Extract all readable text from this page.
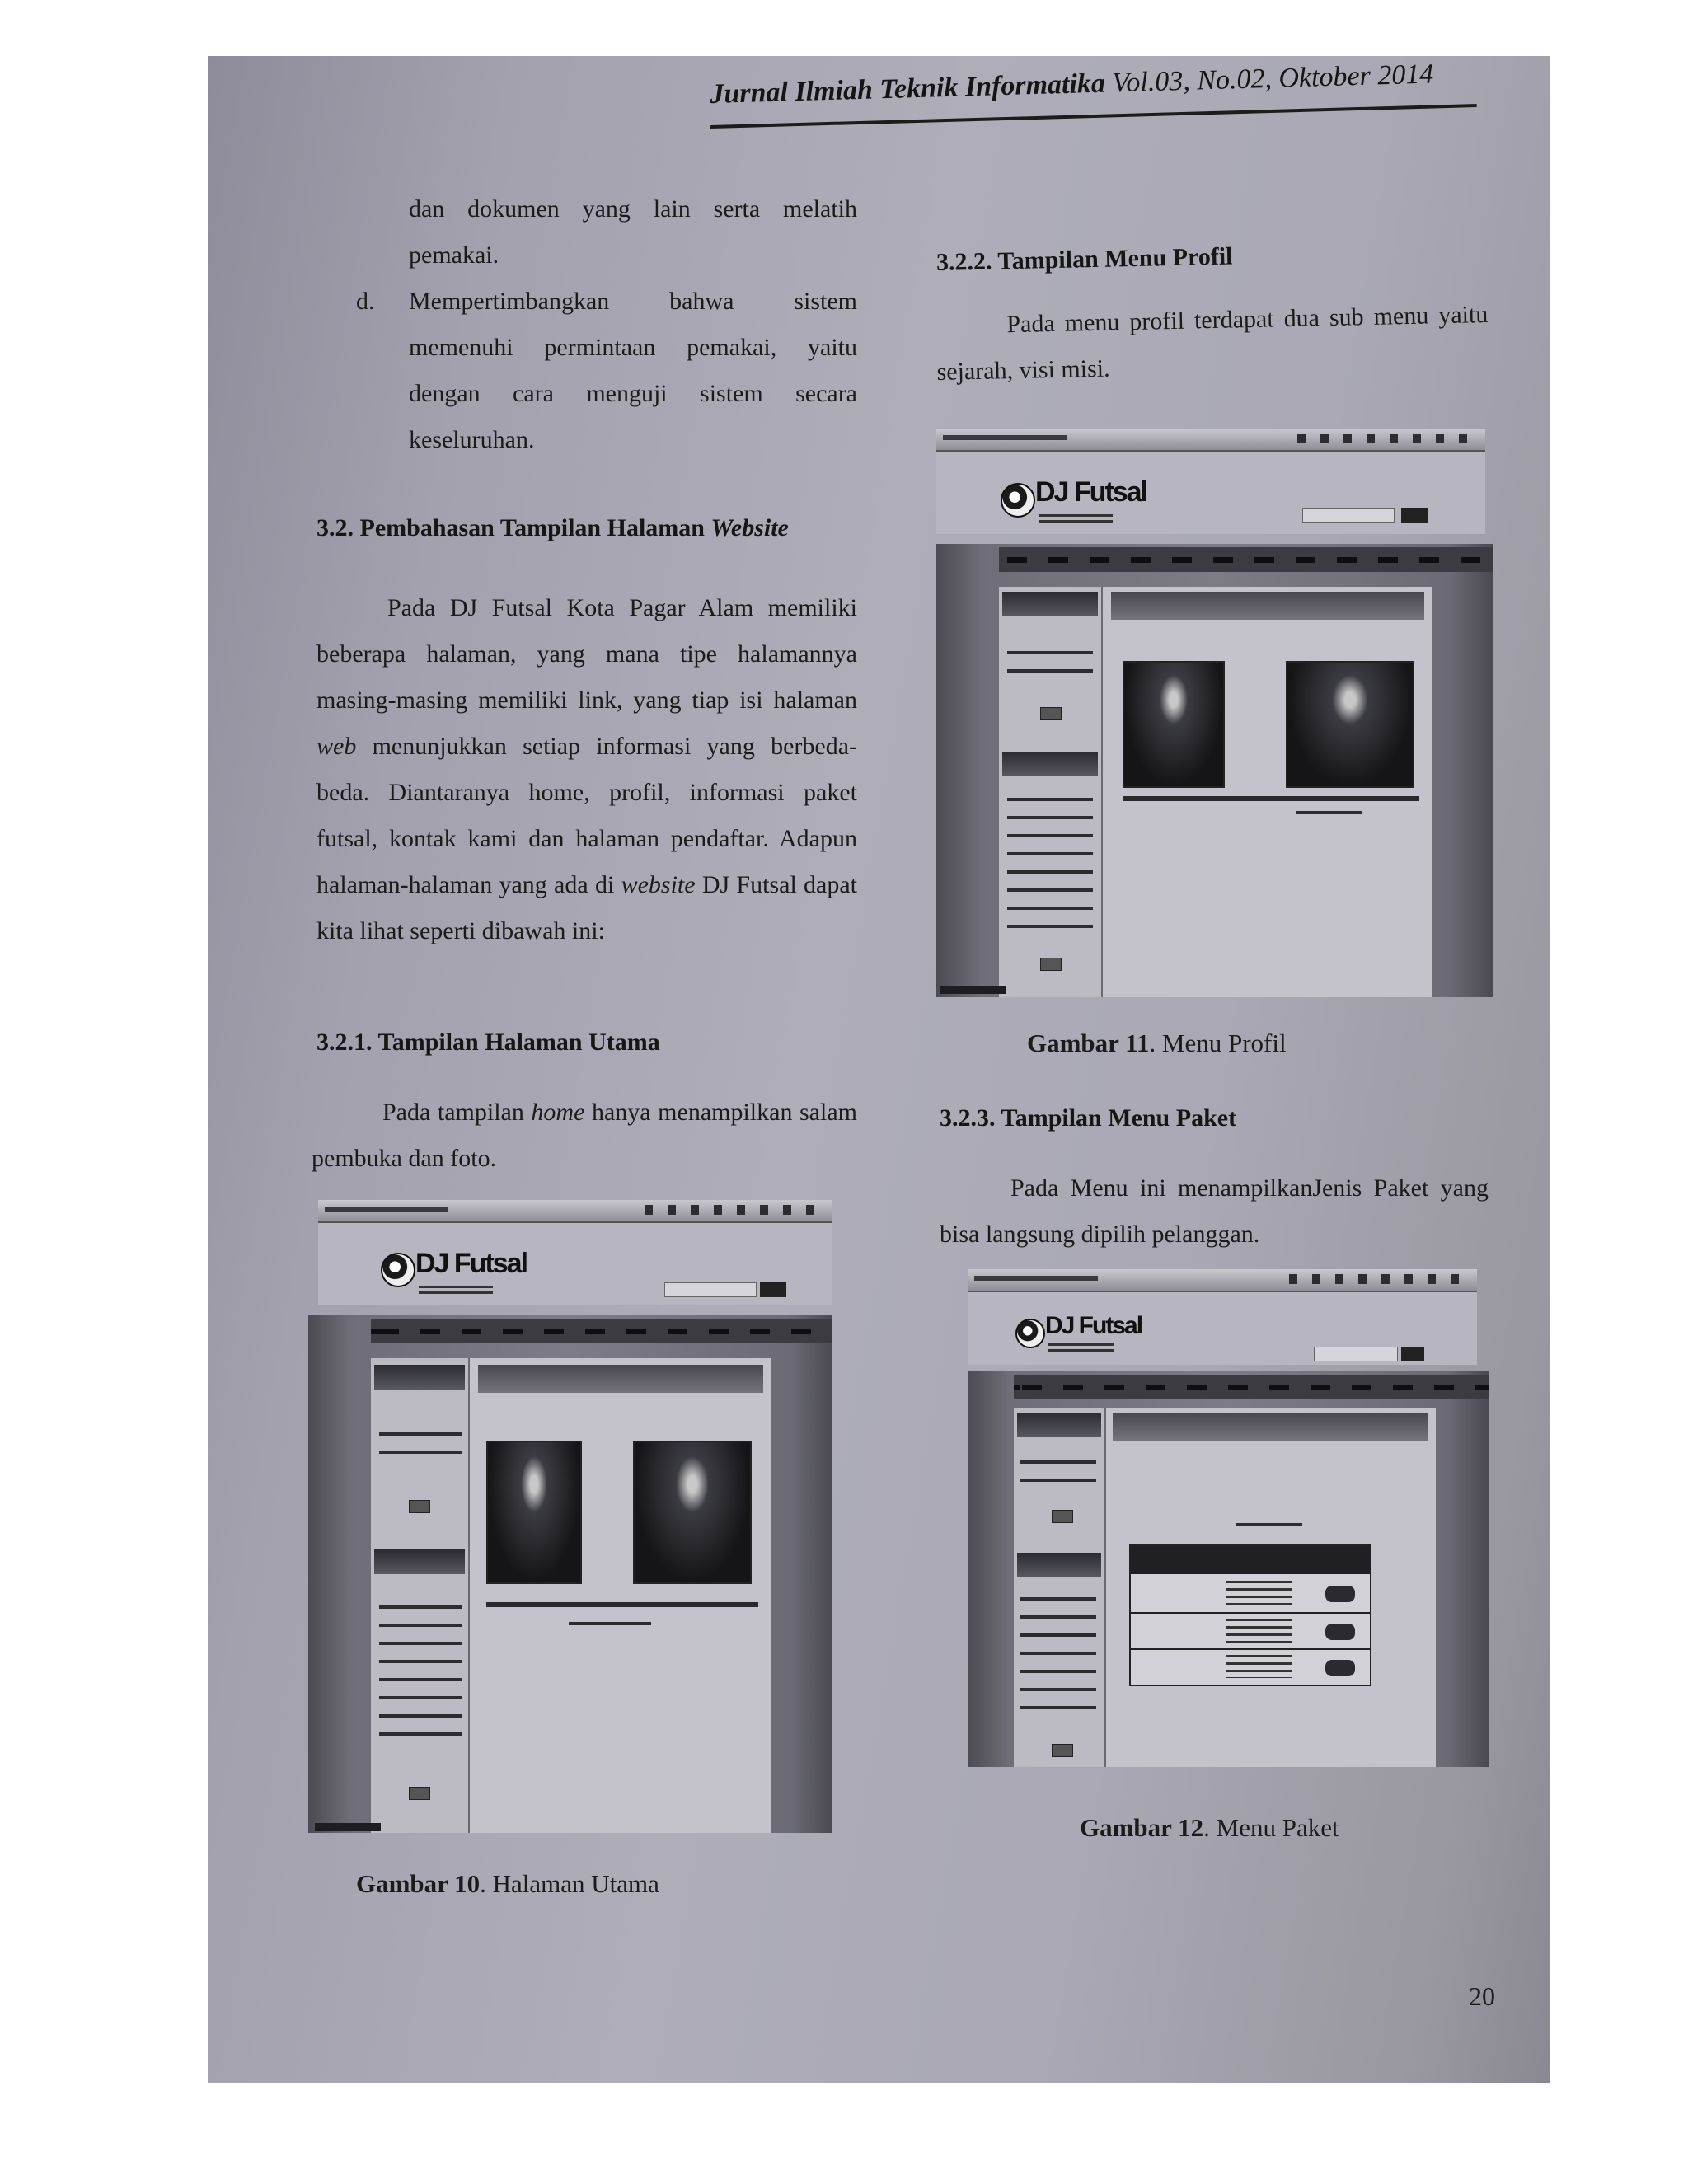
Jurnal Ilmiah Teknik Informatika Vol.03, No.02, Oktober 2014
dan dokumen yang lain serta melatih pemakai.
d.	Mempertimbangkan bahwa sistem memenuhi permintaan pemakai, yaitu dengan cara menguji sistem secara keseluruhan.
3.2. Pembahasan Tampilan Halaman Website
Pada DJ Futsal Kota Pagar Alam memiliki beberapa halaman, yang mana tipe halamannya masing-masing memiliki link, yang tiap isi halaman web menunjukkan setiap informasi yang berbeda-beda. Diantaranya home, profil, informasi paket futsal, kontak kami dan halaman pendaftar. Adapun halaman-halaman yang ada di website DJ Futsal dapat kita lihat seperti dibawah ini:
3.2.1. Tampilan Halaman Utama
Pada tampilan home hanya menampilkan salam pembuka dan foto.
DJ Futsal
Gambar 10. Halaman Utama
3.2.2. Tampilan Menu Profil
Pada menu profil terdapat dua sub menu yaitu sejarah, visi misi.
DJ Futsal
Gambar 11. Menu Profil
3.2.3. Tampilan Menu Paket
Pada Menu ini menampilkanJenis Paket yang bisa langsung dipilih pelanggan.
DJ Futsal
Gambar 12. Menu Paket
20
